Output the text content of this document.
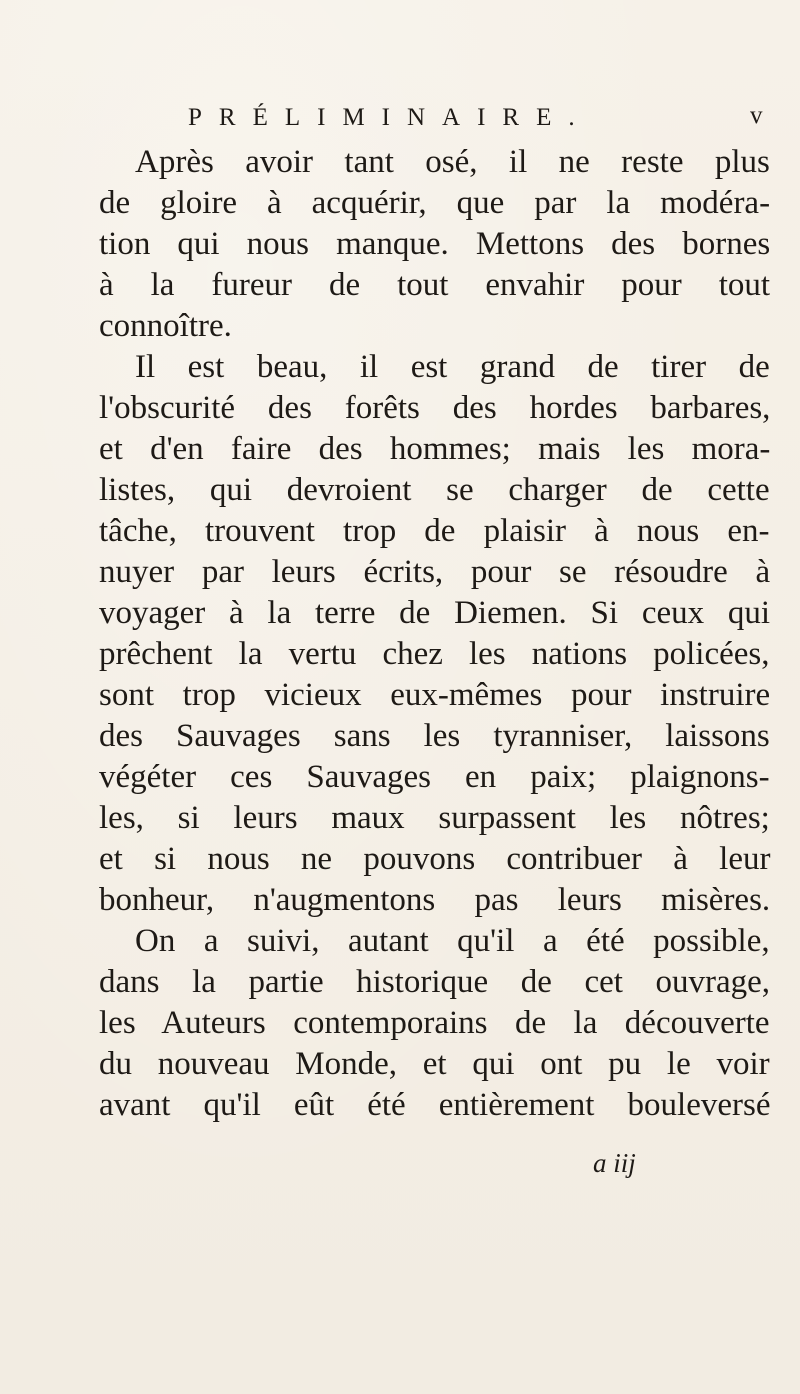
PRÉLIMINAIRE.	v
Après avoir tant osé, il ne reste plus
de gloire à acquérir, que par la modéra-
tion qui nous manque. Mettons des bornes
à la fureur de tout envahir pour tout
connoître.
Il est beau, il est grand de tirer de
l'obscurité des forêts des hordes barbares,
et d'en faire des hommes; mais les mora-
listes, qui devroient se charger de cette
tâche, trouvent trop de plaisir à nous en-
nuyer par leurs écrits, pour se résoudre à
voyager à la terre de Diemen. Si ceux qui
prêchent la vertu chez les nations policées,
sont trop vicieux eux-mêmes pour instruire
des Sauvages sans les tyranniser, laissons
végéter ces Sauvages en paix; plaignons-
les, si leurs maux surpassent les nôtres;
et si nous ne pouvons contribuer à leur
bonheur, n'augmentons pas leurs misères.
On a suivi, autant qu'il a été possible,
dans la partie historique de cet ouvrage,
les Auteurs contemporains de la découverte
du nouveau Monde, et qui ont pu le voir
avant qu'il eût été entièrement bouleversé
a iij
